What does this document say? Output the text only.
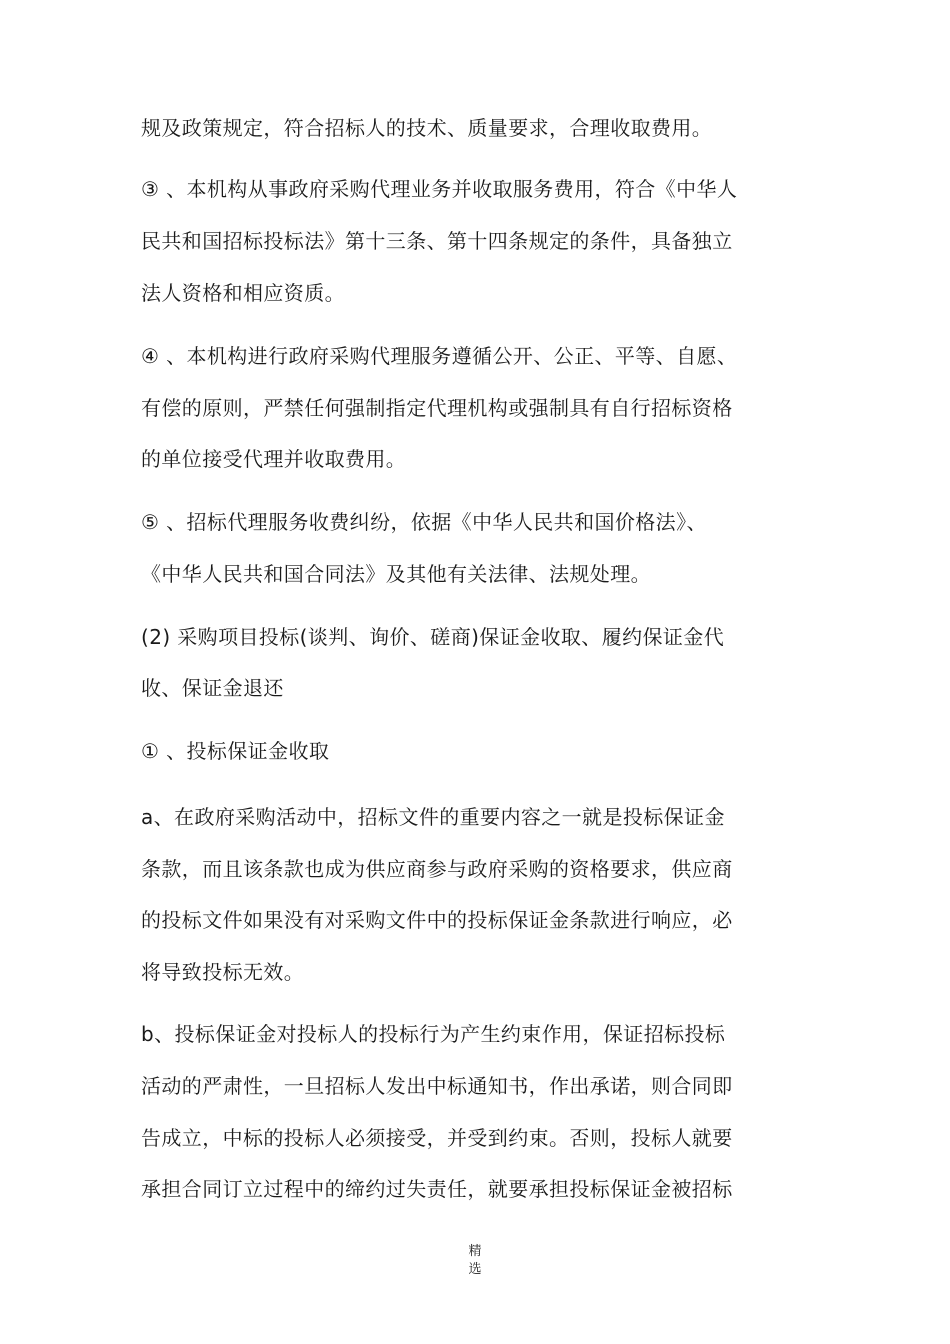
规及政策规定，符合招标人的技术、质量要求，合理收取费用。
③ 、本机构从事政府采购代理业务并收取服务费用，符合《中华人
民共和国招标投标法》第十三条、第十四条规定的条件，具备独立
法人资格和相应资质。
④ 、本机构进行政府采购代理服务遵循公开、公正、平等、自愿、
有偿的原则，严禁任何强制指定代理机构或强制具有自行招标资格
的单位接受代理并收取费用。
⑤ 、招标代理服务收费纠纷，依据《中华人民共和国价格法》、
《中华人民共和国合同法》及其他有关法律、法规处理。
(2) 采购项目投标(谈判、询价、磋商)保证金收取、履约保证金代
收、保证金退还
① 、投标保证金收取
a、在政府采购活动中，招标文件的重要内容之一就是投标保证金
条款，而且该条款也成为供应商参与政府采购的资格要求，供应商
的投标文件如果没有对采购文件中的投标保证金条款进行响应，必
将导致投标无效。
b、投标保证金对投标人的投标行为产生约束作用，保证招标投标
活动的严肃性，一旦招标人发出中标通知书，作出承诺，则合同即
告成立，中标的投标人必须接受，并受到约束。否则，投标人就要
承担合同订立过程中的缔约过失责任，就要承担投标保证金被招标
精
选
